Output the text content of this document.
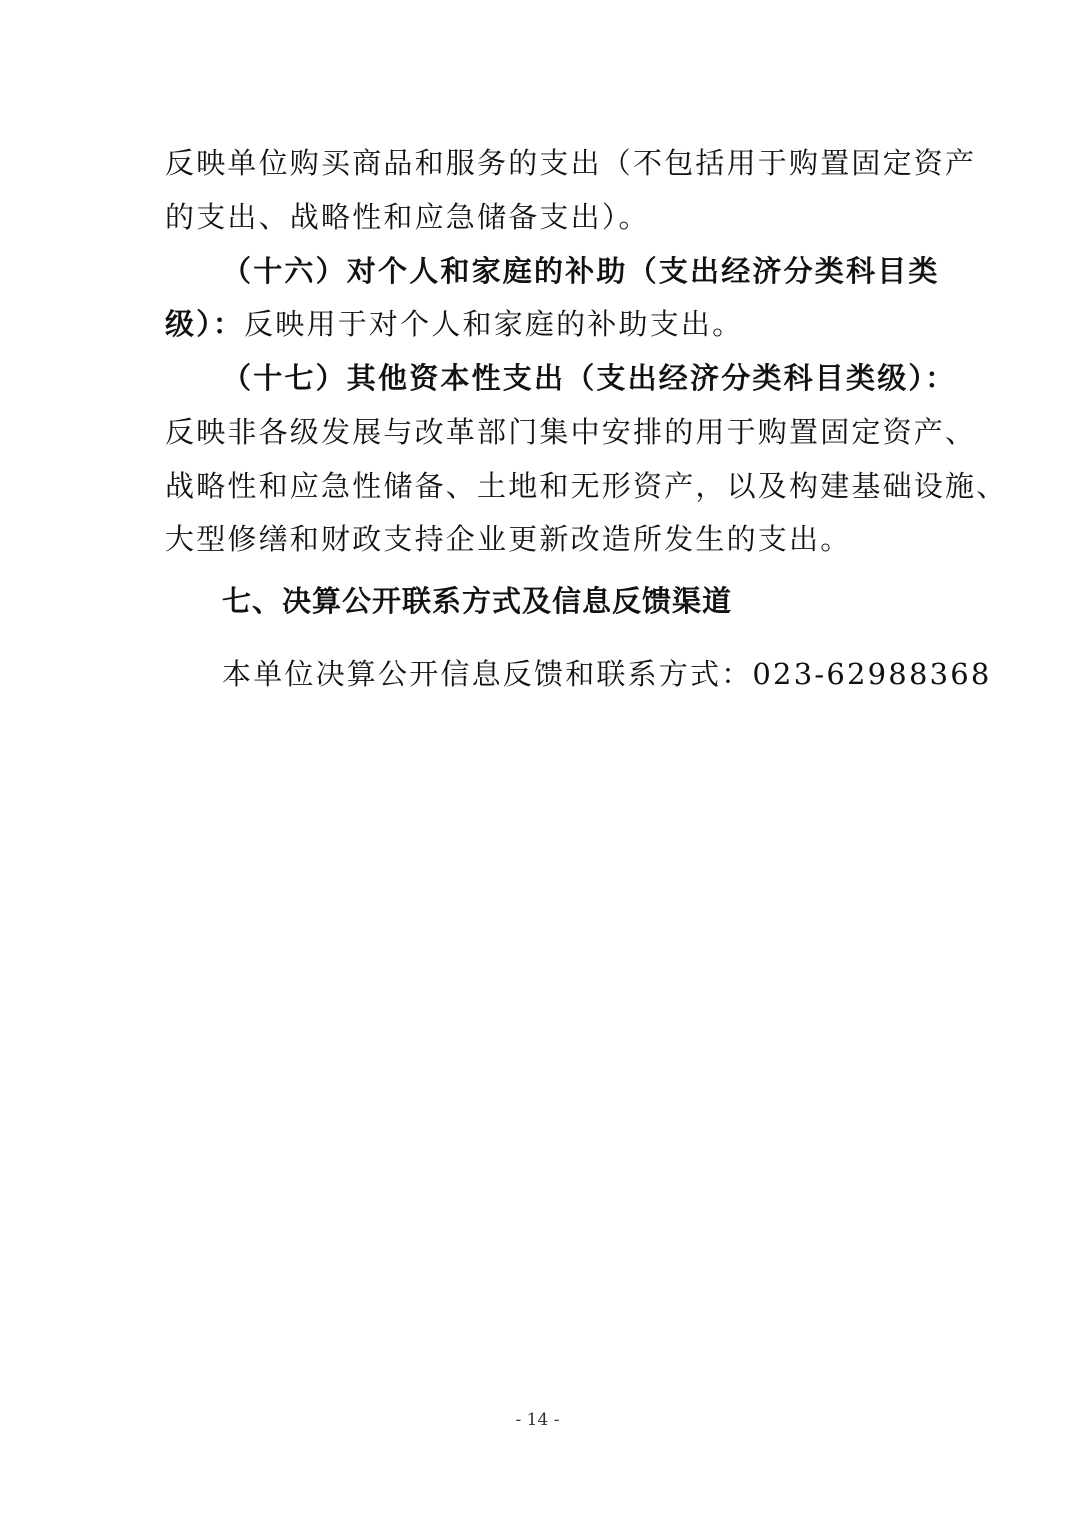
反映单位购买商品和服务的支出（不包括用于购置固定资产
的支出、战略性和应急储备支出）。
（十六）对个人和家庭的补助（支出经济分类科目类
级）：反映用于对个人和家庭的补助支出。
（十七）其他资本性支出（支出经济分类科目类级）：
反映非各级发展与改革部门集中安排的用于购置固定资产、
战略性和应急性储备、土地和无形资产，以及构建基础设施、
大型修缮和财政支持企业更新改造所发生的支出。
七、决算公开联系方式及信息反馈渠道
本单位决算公开信息反馈和联系方式：023-62988368
- 14 -
